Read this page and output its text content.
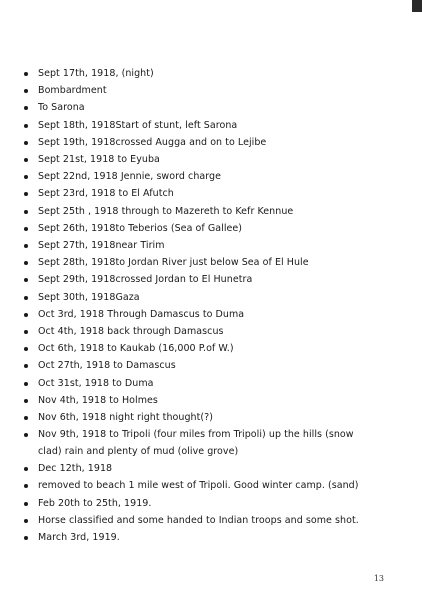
Sept 17th, 1918, (night)
Bombardment
To Sarona
Sept 18th, 1918Start of stunt, left Sarona
Sept 19th, 1918crossed Augga and on to Lejibe
Sept 21st, 1918 to Eyuba
Sept 22nd, 1918 Jennie, sword charge
Sept 23rd, 1918 to El Afutch
Sept 25th , 1918 through to Mazereth to Kefr Kennue
Sept 26th, 1918to Teberios (Sea of Gallee)
Sept 27th, 1918near Tirim
Sept 28th, 1918to Jordan River just below Sea of El Hule
Sept 29th, 1918crossed Jordan to El Hunetra
Sept 30th, 1918Gaza
Oct 3rd, 1918 Through Damascus to Duma
Oct 4th, 1918 back through Damascus
Oct 6th, 1918 to Kaukab (16,000 P.of W.)
Oct 27th, 1918 to Damascus
Oct 31st, 1918 to Duma
Nov 4th, 1918 to Holmes
Nov 6th, 1918 night right thought(?)
Nov 9th, 1918 to Tripoli (four miles from Tripoli) up the hills (snow clad) rain and plenty of mud (olive grove)
Dec 12th, 1918
removed to beach 1 mile west of Tripoli. Good winter camp. (sand)
Feb 20th to 25th, 1919.
Horse classified and some handed to Indian troops and some shot.
March 3rd, 1919.
13
